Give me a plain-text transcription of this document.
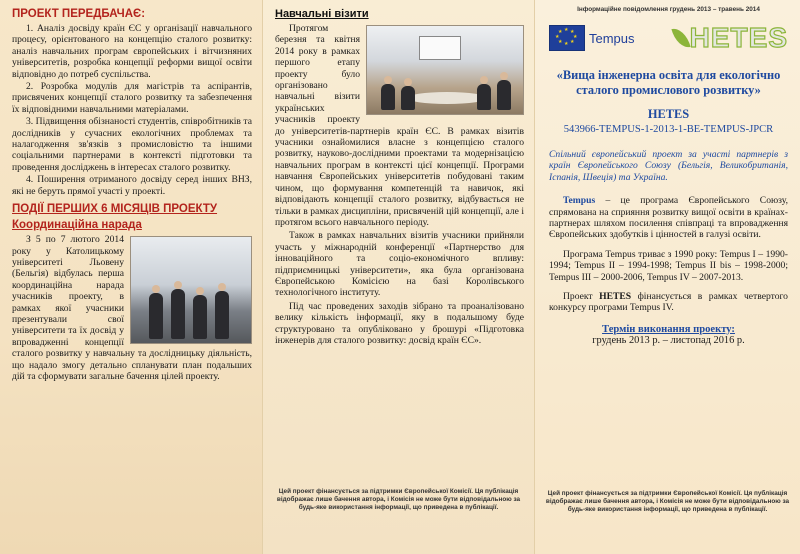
ПРОЕКТ ПЕРЕДБАЧАЄ:

1. Аналіз досвіду країн ЄС у організації навчального процесу, орієнтованого на концепцію сталого розвитку: аналіз навчальних програм європейських і вітчизняних університетів, розробка концепції реформи вищої освіти відповідно до потреб суспільства.

2. Розробка модулів для магістрів та аспірантів, присвячених концепції сталого розвитку та забезпечення їх відповідними навчальними матеріалами.

3. Підвищення обізнаності студентів, співробітників та дослідників у сучасних екологічних проблемах та налагодження зв'язків з промисловістю та іншими соціальними партнерами в контексті підготовки та проведення досліджень в інтересах сталого розвитку.

4. Поширення отриманого досвіду серед інших ВНЗ, які не беруть прямої участі у проекті.

ПОДІЇ ПЕРШИХ 6 МІСЯЦІВ ПРОЕКТУ
Координаційна нарада

З 5 по 7 лютого 2014 року у Католицькому університеті Льовену (Бельгія) відбулась перша координаційна нарада учасників проекту, в рамках якої учасники презентували свої університети та їх досвід у впровадженні концепції сталого розвитку у навчальну та дослідницьку діяльність, що надало змогу детально спланувати план подальших дій та сформувати загальне бачення цілей проекту.

Навчальні візити

Протягом березня та квітня 2014 року в рамках першого етапу проекту було організовано навчальні візити українських учасників проекту до університетів-партнерів країн ЄС. В рамках візитів учасники ознайомилися власне з концепцією сталого розвитку, науково-дослідними проектами та модернізацією навчальних програм в контексті цієї концепції. Програми навчання Європейських університетів побудовані таким чином, що формування компетенцій та навичок, які відповідають концепції сталого розвитку, відбувається не тільки в рамках дисципліни, присвяченій цій концепції, але і протягом всього навчального періоду.

Також в рамках навчальних візитів учасники прийняли участь у міжнародній конференції «Партнерство для інноваційного та соціо-економічного впливу: підприємницькі університети», яка була організована Європейською Комісією на базі Королівського технологічного інституту.

Під час проведених заходів зібрано та проаналізовано велику кількість інформації, яку в подальшому буде структуровано та опубліковано у брошурі «Підготовка інженерів для сталого розвитку: досвід країн ЄС».

Цей проект фінансується за підтримки Європейської Комісії. Ця публікація відображає лише бачення автора, і Комісія не може бути відповідальною за будь-яке використання інформації, що приведена в публікації.
Інформаційне повідомлення грудень 2013 – травень 2014
★ ★
★
★
★
★
★
★ Tempus HETES
«Вища інженерна освіта для екологічно сталого промислового розвитку»
HETES
543966-TEMPUS-1-2013-1-BE-TEMPUS-JPCR

Спільний європейський проект за участі партнерів з країн Європейського Союзу (Бельгія, Великобританія, Іспанія, Швеція) та Україна.

Tempus – це програма Європейського Союзу, спрямована на сприяння розвитку вищої освіти в країнах-партнерах шляхом посилення співпраці та впровадження Європейських здобутків і цінностей в галузі освіти.

Програма Tempus триває з 1990 року: Tempus I – 1990-1994; Tempus II – 1994-1998; Tempus II bis – 1998-2000; Tempus III – 2000-2006, Tempus IV – 2007-2013.

Проект HETES фінансується в рамках четвертого конкурсу програми Tempus IV.

Термін виконання проекту:
грудень 2013 р. – листопад 2016 р.
Цей проект фінансується за підтримки Європейської Комісії. Ця публікація відображає лише бачення автора, і Комісія не може бути відповідальною за будь-яке використання інформації, що приведена в публікації.
